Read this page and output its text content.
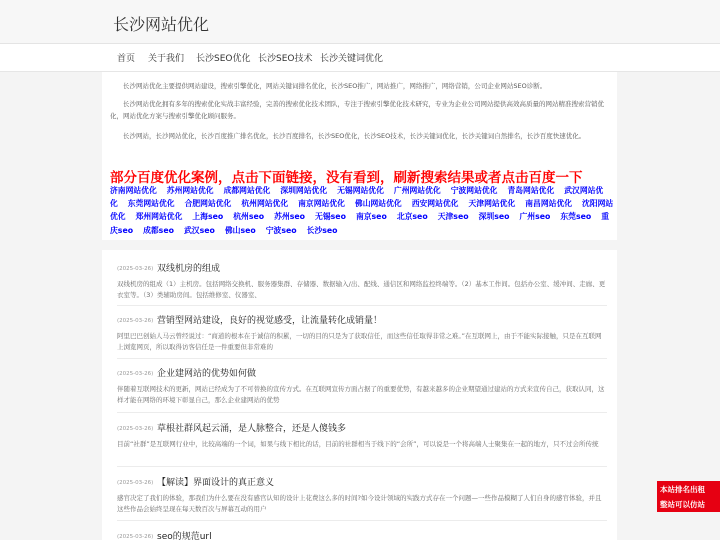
长沙网站优化
首页 关于我们 长沙SEO优化 长沙SEO技术 长沙关键词优化

长沙网站优化主要提供网站建设，搜索引擎优化，网站关键词排名优化，长沙SEO推广，网站推广，网络推广，网络营销，公司企业网站SEO诊断。

长沙网站优化拥有多年的搜索优化实战丰富经验，完善的搜索优化技术团队，专注于搜索引擎优化技术研究，专业为企业公司网站提供高效高质量的网站精准搜索营销优化，网站优化方案与搜索引擎优化顾问服务。

长沙网站，长沙网站优化，长沙百度推广排名优化，长沙百度排名，长沙SEO优化，长沙SEO技术，长沙关键词优化，长沙关键词自然排名，长沙百度快速优化。

部分百度优化案例，点击下面链接，没有看到，刷新搜索结果或者点击百度一下
济南网站优化 苏州网站优化 成都网站优化 深圳网站优化 无锡网站优化 广州网站优化 宁波网站优化 青岛网站优化 武汉网站优化 东莞网站优化 合肥网站优化 杭州网站优化 南京网站优化 佛山网站优化 西安网站优化 天津网站优化 南昌网站优化 沈阳网站优化 郑州网站优化 上海seo 杭州seo 苏州seo 无锡seo 南京seo 北京seo 天津seo 深圳seo 广州seo 东莞seo 重庆seo 成都seo 武汉seo 佛山seo 宁波seo 长沙seo
(2025-03-26) 双线机房的组成

双线机房的组成（1）主机房。包括网络交换机、服务器集群、存储器、数据输入/出、配线、通信区和网络监控终端等。（2）基本工作间。包括办公室、缓冲间、走廊、更衣室等。（3）类辅助房间。包括维修室、仪器室、

(2025-03-26) 营销型网站建设，良好的视觉感受，让流量转化成销量！

阿里巴巴创始人马云曾经说过：“商道的根本在于诚信的积累，一切的目的只是为了获取信任，而这些信任取得非常之难。”在互联网上，由于不能实际接触，只是在互联网上浏览网页，所以取得访客信任是一件重要但非常难的

(2025-03-26) 企业建网站的优势如何做

伴随着互联网技术的更新，网站已经成为了不可替换的宣传方式。在互联网宣传方面占据了的重要优势，有越来越多的企业期望通过建站的方式来宣传自己，获取认同，这样才能在网络的环境下彰显自己，那么企业建网站的优势

(2025-03-26) 草根社群风起云涌，是人脉整合，还是人傻钱多

目前“社群”是互联网行业中，比较高端的一个词，如果与线下相比的话，目前的社群相当于线下的“会所”，可以说是一个将高端人士聚集在一起的地方，只不过会所传统

(2025-03-26) 【解读】界面设计的真正意义

感官决定了我们的体验，那我们为什么要在没有感官认知的设计上花费这么多的时间?如今设计领域的实践方式存在一个问题—一些作品模糊了人们自身的感官体验，并且这些作品会始终呈现在每天数百次与屏幕互动的用户

(2025-03-26) seo的规范url
本站排名出租
整站可以仿站
